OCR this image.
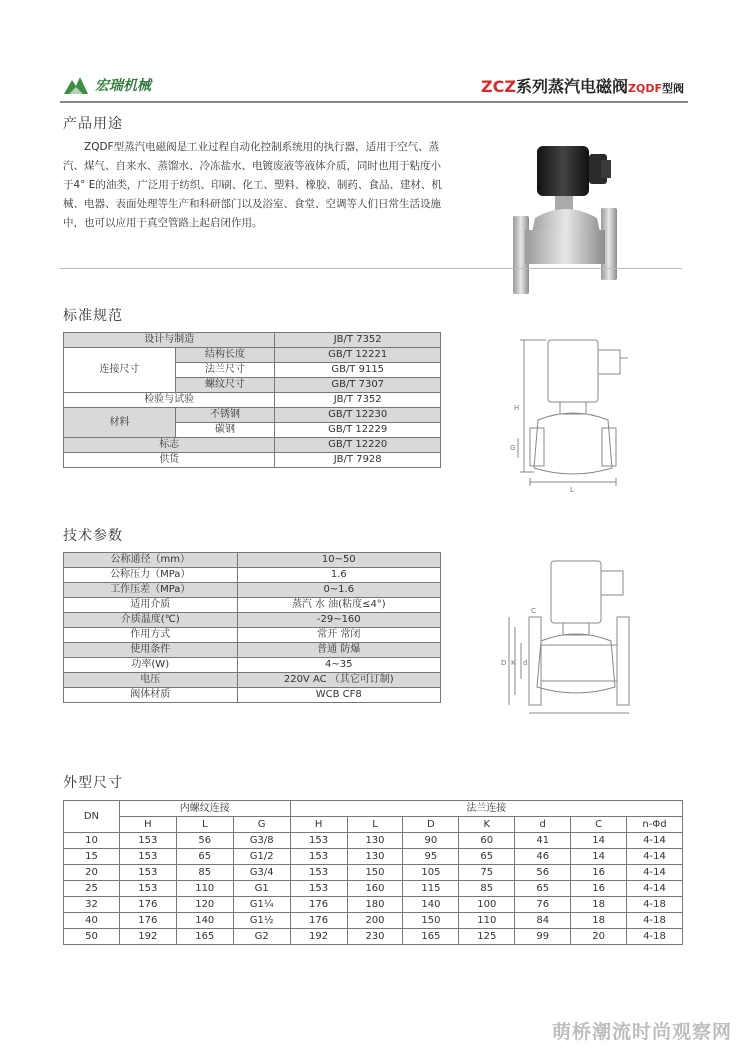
宏瑞机械	ZCZ系列蒸汽电磁阀ZQDF型阀
产品用途
ZQDF型蒸汽电磁阀是工业过程自动化控制系统用的执行器，适用于空气、蒸汽、煤气、自来水、蒸馏水、冷冻盐水、电镀废液等液体介质，同时也用于粘度小于4° E的油类，广泛用于纺织、印刷、化工、塑料、橡胶、制药、食品、建材、机械、电器、表面处理等生产和科研部门以及浴室、食堂、空调等人们日常生活设施中，也可以应用于真空管路上起启闭作用。
标准规范
设计与制造		JB/T 7352
连接尺寸	结构长度	GB/T 12221
	法兰尺寸	GB/T 9115
	螺纹尺寸	GB/T 7307
检验与试验		JB/T 7352
材料	不锈钢	GB/T 12230
	碳钢	GB/T 12229
标志		GB/T 12220
供货		JB/T 7928
H
L
G
技术参数
公称通径（mm）	10~50
公称压力（MPa）	1.6
工作压差（MPa）	0~1.6
适用介质	蒸汽 水 油(粘度≤4°)
介质温度(℃)	-29~160
作用方式	常开 常闭
使用条件	普通 防爆
功率(W)	4~35
电压	220V AC （其它可订制)
阀体材质	WCB CF8
D K d
C
外型尺寸
DN	内螺纹连接			法兰连接						
	H	L	G	H	L	D	K	d	C	n-Φd
10	153	56	G3/8	153	130	90	60	41	14	4-14
15	153	65	G1/2	153	130	95	65	46	14	4-14
20	153	85	G3/4	153	150	105	75	56	16	4-14
25	153	110	G1	153	160	115	85	65	16	4-14
32	176	120	G1¼	176	180	140	100	76	18	4-18
40	176	140	G1½	176	200	150	110	84	18	4-18
50	192	165	G2	192	230	165	125	99	20	4-18
萌桥潮流时尚观察网
